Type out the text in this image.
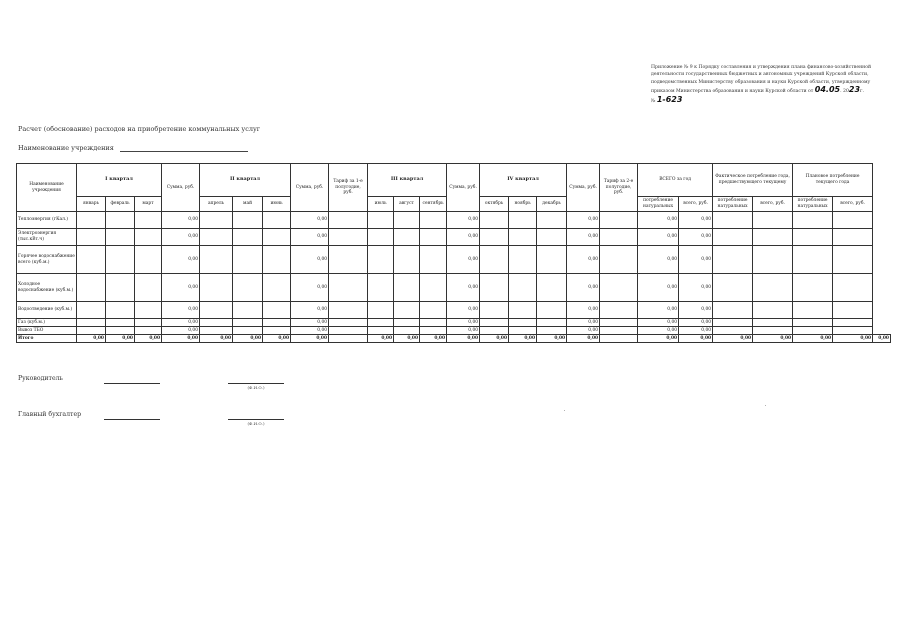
Приложение № 9 к Порядку составления и утверждения плана финансово-хозяйственной
деятельности государственных бюджетных и автономных учреждений Курской области,
подведомственных Министерству образования и науки Курской области, утвержденному
приказом Министерства образования и науки Курской области от 04.05. 2023г.
№ 1-623
Расчет (обоснование) расходов на приобретение коммунальных услуг
Наименование учреждения
Наименование учреждения	I квартал			Сумма, руб.	II квартал			Сумма, руб.	Тариф за 1-е полугодие, руб.	III квартал			Сумма, руб.	IV квартал			Сумма, руб.	Тариф за 2-е полугодие, руб.	ВСЕГО за год		Фактическое потребление года, предшествующего текущему		Плановое потребление текущего года		
	январь	февраль	март		апрель	май	июнь			июль	август	сентябрь		октябрь	ноябрь	декабрь			потребление натуральных	всего, руб.	потребление натуральных	всего, руб.	потребление натуральных	всего, руб.	
Теплоэнергия (гКал.)				0,00				0,00					0,00				0,00		0,00	0,00					
Электроэнергия (тыс.кВт.ч)				0,00				0,00					0,00				0,00		0,00	0,00					
Горячее водоснабжение всего (куб.м.)				0,00				0,00					0,00				0,00		0,00	0,00					
Холодное водоснабжение (куб.м.)				0,00				0,00					0,00				0,00		0,00	0,00					
Водоотведение (куб.м.)				0,00				0,00					0,00				0,00		0,00	0,00					
Газ (куб.м.)				0,00				0,00					0,00				0,00		0,00	0,00					
Вывоз ТБО				0,00				0,00					0,00				0,00		0,00	0,00					
Итого	0,00	0,00	0,00	0,00	0,00	0,00	0,00	0,00		0,00	0,00	0,00	0,00	0,00	0,00	0,00	0,00		0,00	0,00	0,00	0,00	0,00	0,00	0,00
Руководитель
(Ф.И.О.)
Главный бухгалтер
(Ф.И.О.)
